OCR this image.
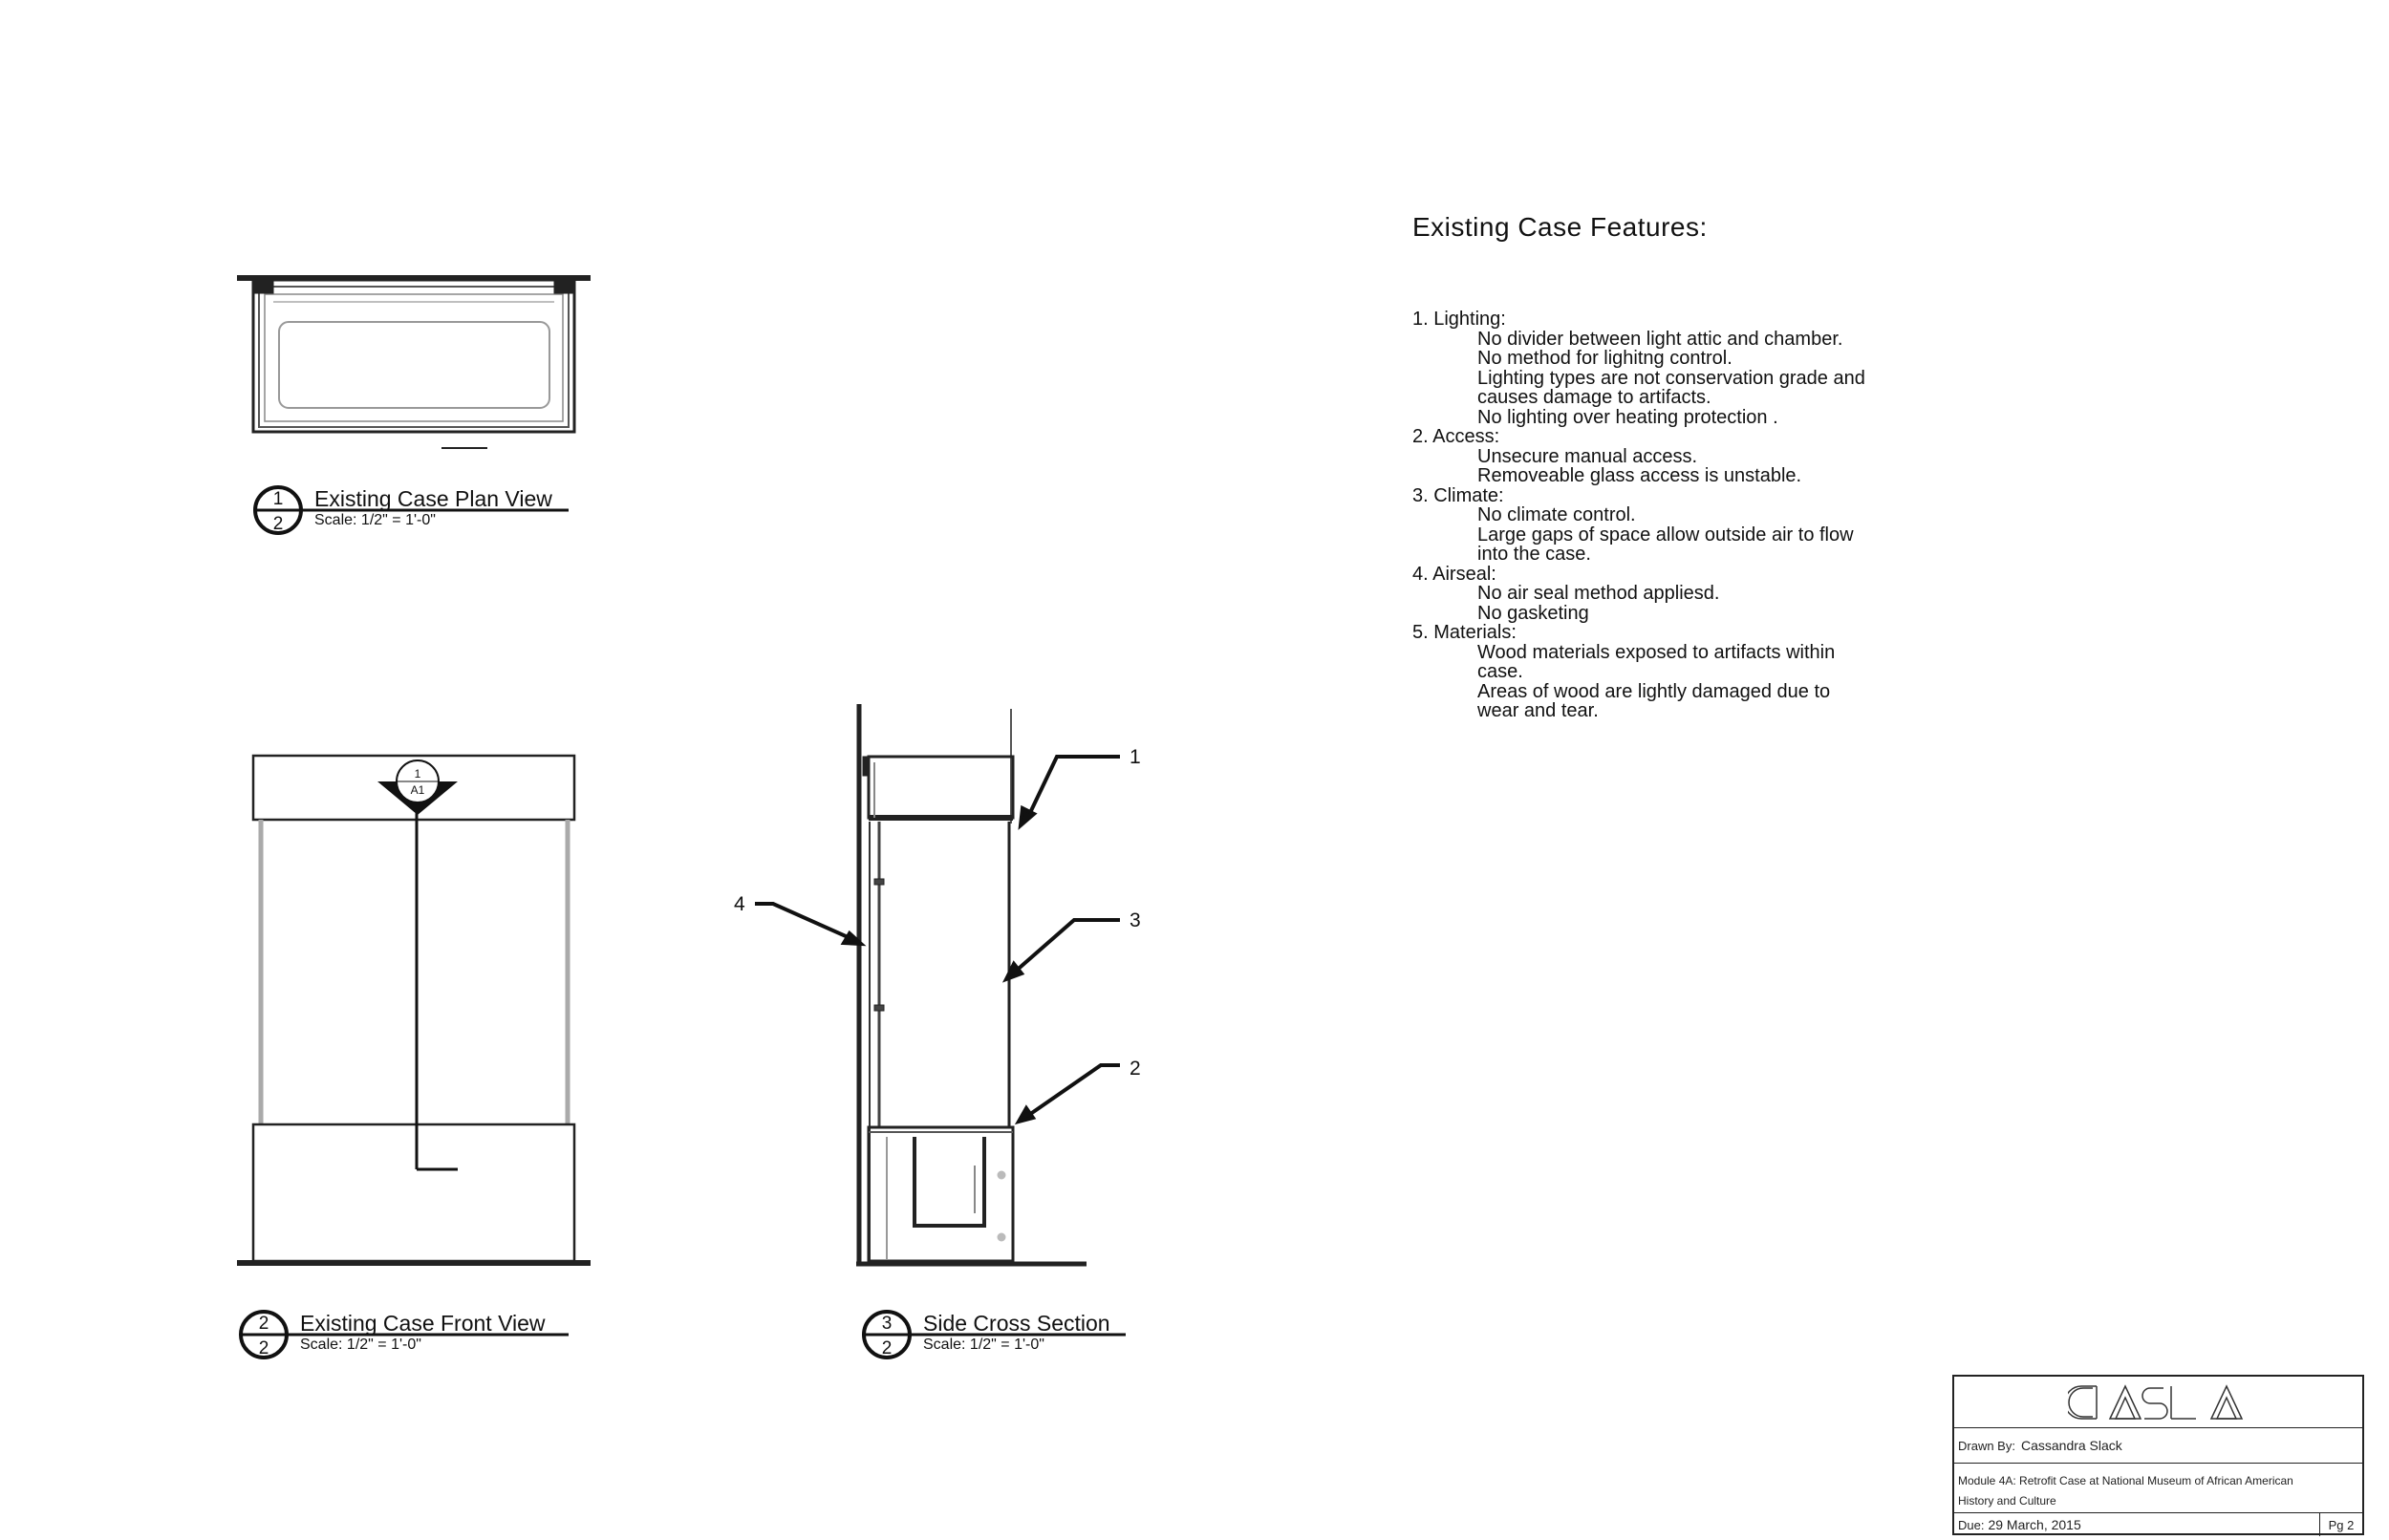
1
2
Existing Case Plan View
Scale: 1/2" = 1'-0"
1
A1
2
2
Existing Case Front View
Scale: 1/2" = 1'-0"
1
2
3
4
3
2
Side Cross Section
Scale: 1/2" = 1'-0"
Existing Case Features:
1. Lighting:
No divider between light attic and chamber.
No method for lighitng control.
Lighting types are not conservation grade and
causes damage to artifacts.
No lighting over heating protection .
2. Access:
Unsecure manual access.
Removeable glass access is unstable.
3. Climate:
No climate control.
Large gaps of space allow outside air to flow
into the case.
4. Airseal:
No air seal method appliesd.
No gasketing
5. Materials:
Wood materials exposed to artifacts within
case.
Areas of wood are lightly damaged due to
wear and tear.
Drawn By: Cassandra Slack
Module 4A: Retrofit Case at National Museum of African American
History and Culture
Due: 29 March, 2015	Pg 2
